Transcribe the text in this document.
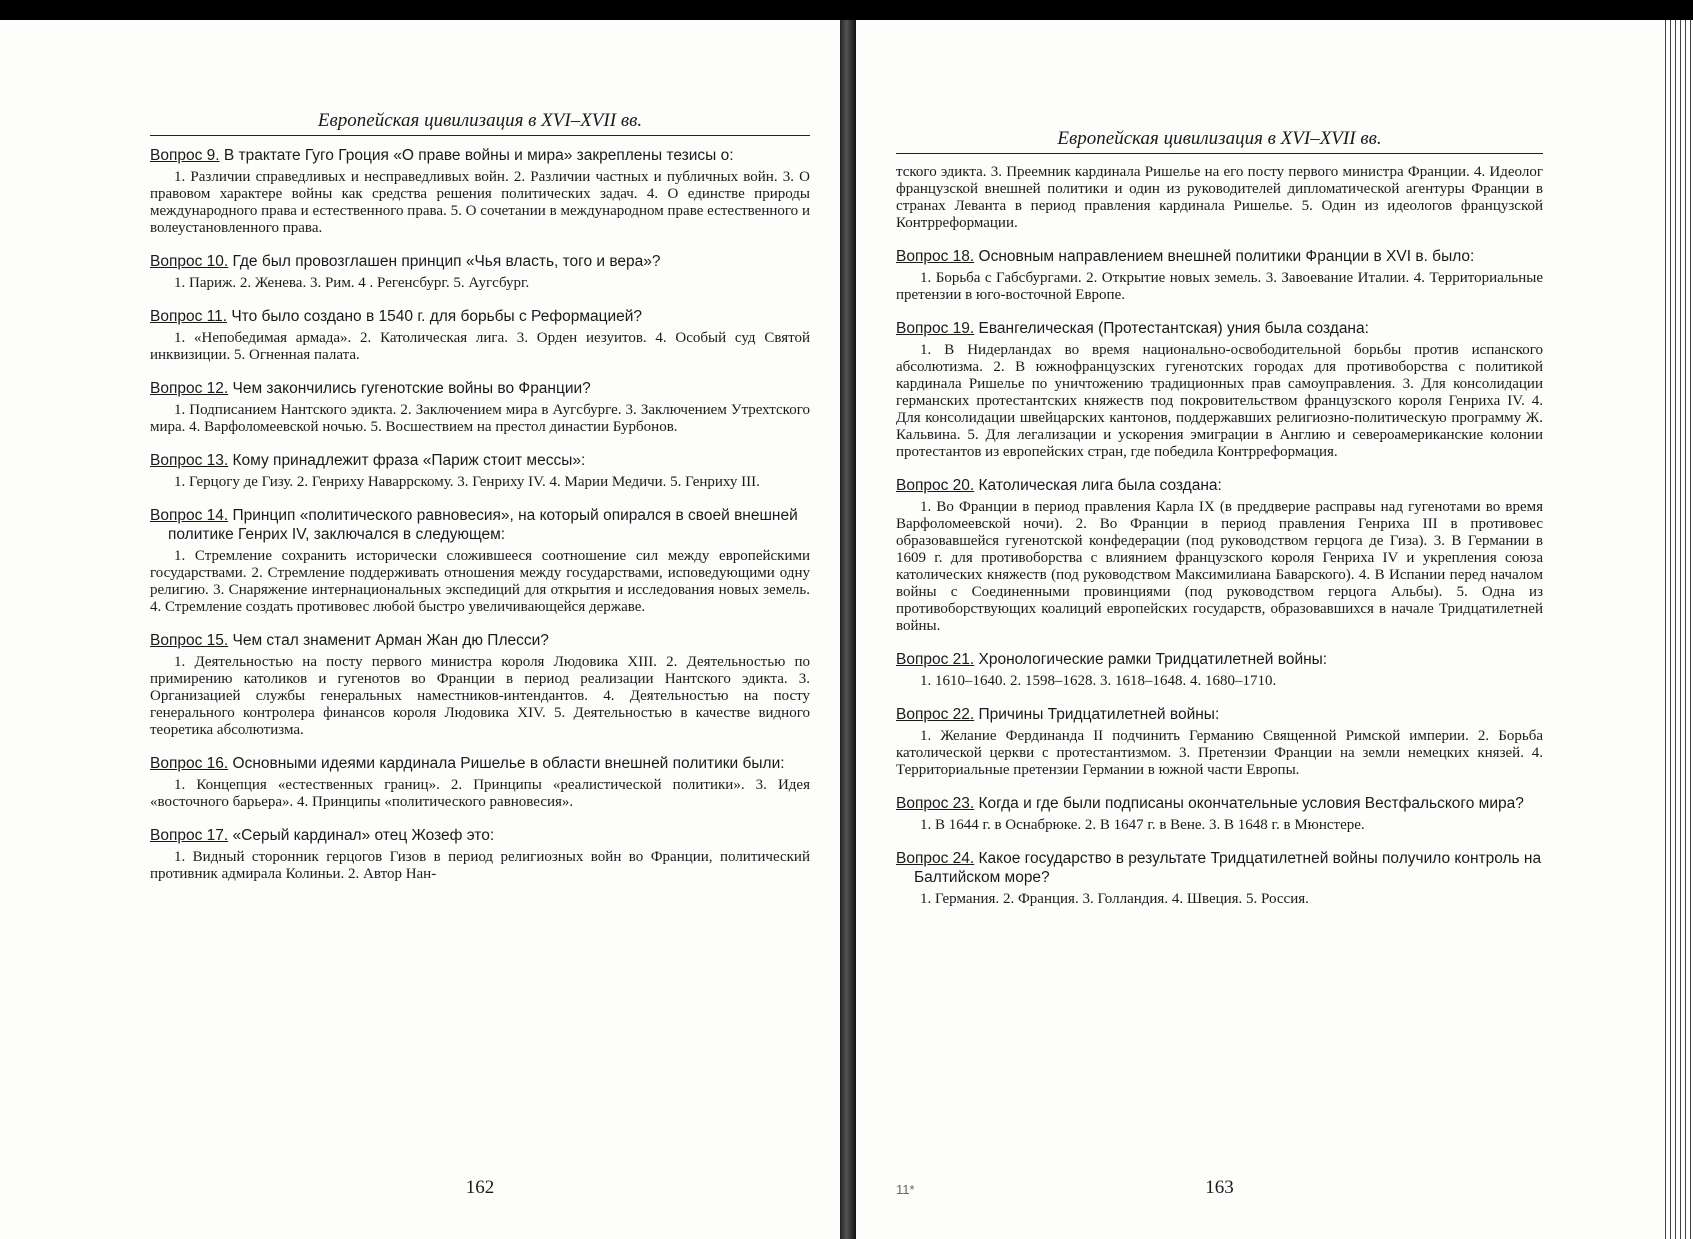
Европейская цивилизация в XVI–XVII вв.
Вопрос 9. В трактате Гуго Гроция «О праве войны и мира» закреплены тезисы о:
1. Различии справедливых и несправедливых войн. 2. Различии частных и публичных войн. 3. О правовом характере войны как средства решения политических задач. 4. О единстве природы международного права и естественного права. 5. О сочетании в международном праве естественного и волеустановленного права.
Вопрос 10. Где был провозглашен принцип «Чья власть, того и вера»?
1. Париж. 2. Женева. 3. Рим. 4 . Регенсбург. 5. Аугсбург.
Вопрос 11. Что было создано в 1540 г. для борьбы с Реформацией?
1. «Непобедимая армада». 2. Католическая лига. 3. Орден иезуитов. 4. Особый суд Святой инквизиции. 5. Огненная палата.
Вопрос 12. Чем закончились гугенотские войны во Франции?
1. Подписанием Нантского эдикта. 2. Заключением мира в Аугсбурге. 3. Заключением Утрехтского мира. 4. Варфоломеевской ночью. 5. Восшествием на престол династии Бурбонов.
Вопрос 13. Кому принадлежит фраза «Париж стоит мессы»:
1. Герцогу де Гизу. 2. Генриху Наваррскому. 3. Генриху IV. 4. Марии Медичи. 5. Генриху III.
Вопрос 14. Принцип «политического равновесия», на который опирался в своей внешней политике Генрих IV, заключался в следующем:
1. Стремление сохранить исторически сложившееся соотношение сил между европейскими государствами. 2. Стремление поддерживать отношения между государствами, исповедующими одну религию. 3. Снаряжение интернациональных экспедиций для открытия и исследования новых земель. 4. Стремление создать противовес любой быстро увеличивающейся державе.
Вопрос 15. Чем стал знаменит Арман Жан дю Плесси?
1. Деятельностью на посту первого министра короля Людовика XIII. 2. Деятельностью по примирению католиков и гугенотов во Франции в период реализации Нантского эдикта. 3. Организацией службы генеральных наместников-интендантов. 4. Деятельностью на посту генерального контролера финансов короля Людовика XIV. 5. Деятельностью в качестве видного теоретика абсолютизма.
Вопрос 16. Основными идеями кардинала Ришелье в области внешней политики были:
1. Концепция «естественных границ». 2. Принципы «реалистической политики». 3. Идея «восточного барьера». 4. Принципы «политического равновесия».
Вопрос 17. «Серый кардинал» отец Жозеф это:
1. Видный сторонник герцогов Гизов в период религиозных войн во Франции, политический противник адмирала Колиньи. 2. Автор Нан-
162
Европейская цивилизация в XVI–XVII вв.
тского эдикта. 3. Преемник кардинала Ришелье на его посту первого министра Франции. 4. Идеолог французской внешней политики и один из руководителей дипломатической агентуры Франции в странах Леванта в период правления кардинала Ришелье. 5. Один из идеологов французской Контрреформации.
Вопрос 18. Основным направлением внешней политики Франции в XVI в. было:
1. Борьба с Габсбургами. 2. Открытие новых земель. 3. Завоевание Италии. 4. Территориальные претензии в юго-восточной Европе.
Вопрос 19. Евангелическая (Протестантская) уния была создана:
1. В Нидерландах во время национально-освободительной борьбы против испанского абсолютизма. 2. В южнофранцузских гугенотских городах для противоборства с политикой кардинала Ришелье по уничтожению традиционных прав самоуправления. 3. Для консолидации германских протестантских княжеств под покровительством французского короля Генриха IV. 4. Для консолидации швейцарских кантонов, поддержавших религиозно-политическую программу Ж. Кальвина. 5. Для легализации и ускорения эмиграции в Англию и североамериканские колонии протестантов из европейских стран, где победила Контрреформация.
Вопрос 20. Католическая лига была создана:
1. Во Франции в период правления Карла IX (в преддверие расправы над гугенотами во время Варфоломеевской ночи). 2. Во Франции в период правления Генриха III в противовес образовавшейся гугенотской конфедерации (под руководством герцога де Гиза). 3. В Германии в 1609 г. для противоборства с влиянием французского короля Генриха IV и укрепления союза католических княжеств (под руководством Максимилиана Баварского). 4. В Испании перед началом войны с Соединенными провинциями (под руководством герцога Альбы). 5. Одна из противоборствующих коалиций европейских государств, образовавшихся в начале Тридцатилетней войны.
Вопрос 21. Хронологические рамки Тридцатилетней войны:
1. 1610–1640. 2. 1598–1628. 3. 1618–1648. 4. 1680–1710.
Вопрос 22. Причины Тридцатилетней войны:
1. Желание Фердинанда II подчинить Германию Священной Римской империи. 2. Борьба католической церкви с протестантизмом. 3. Претензии Франции на земли немецких князей. 4. Территориальные претензии Германии в южной части Европы.
Вопрос 23. Когда и где были подписаны окончательные условия Вестфальского мира?
1. В 1644 г. в Оснабрюке. 2. В 1647 г. в Вене. 3. В 1648 г. в Мюнстере.
Вопрос 24. Какое государство в результате Тридцатилетней войны получило контроль на Балтийском море?
1. Германия. 2. Франция. 3. Голландия. 4. Швеция. 5. Россия.
11*	163
